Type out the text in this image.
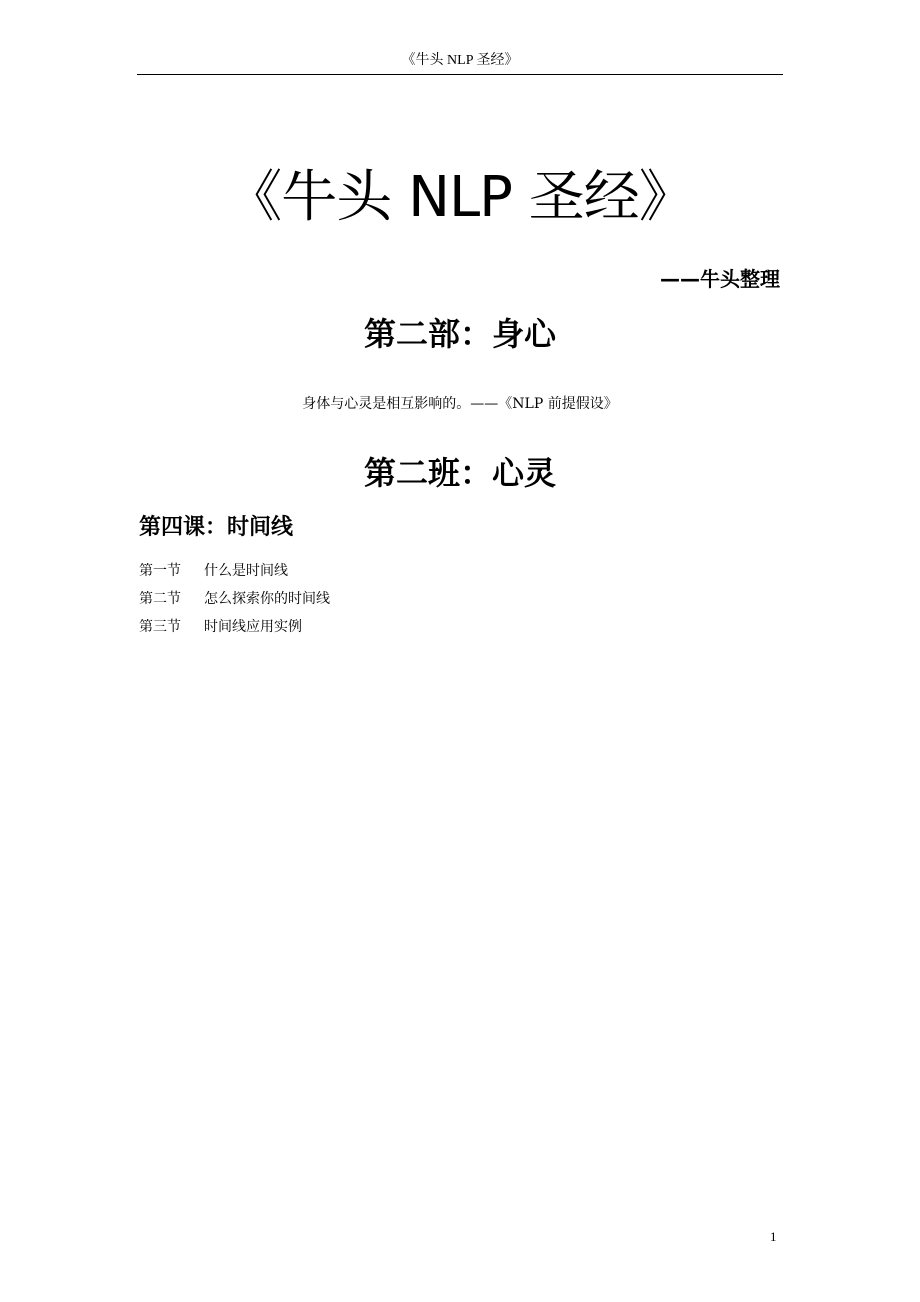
《牛头 NLP 圣经》
《牛头 NLP 圣经》
——牛头整理
第二部：身心
身体与心灵是相互影响的。——《NLP 前提假设》
第二班：心灵
第四课：时间线
第一节 什么是时间线
第二节 怎么探索你的时间线
第三节 时间线应用实例
1
